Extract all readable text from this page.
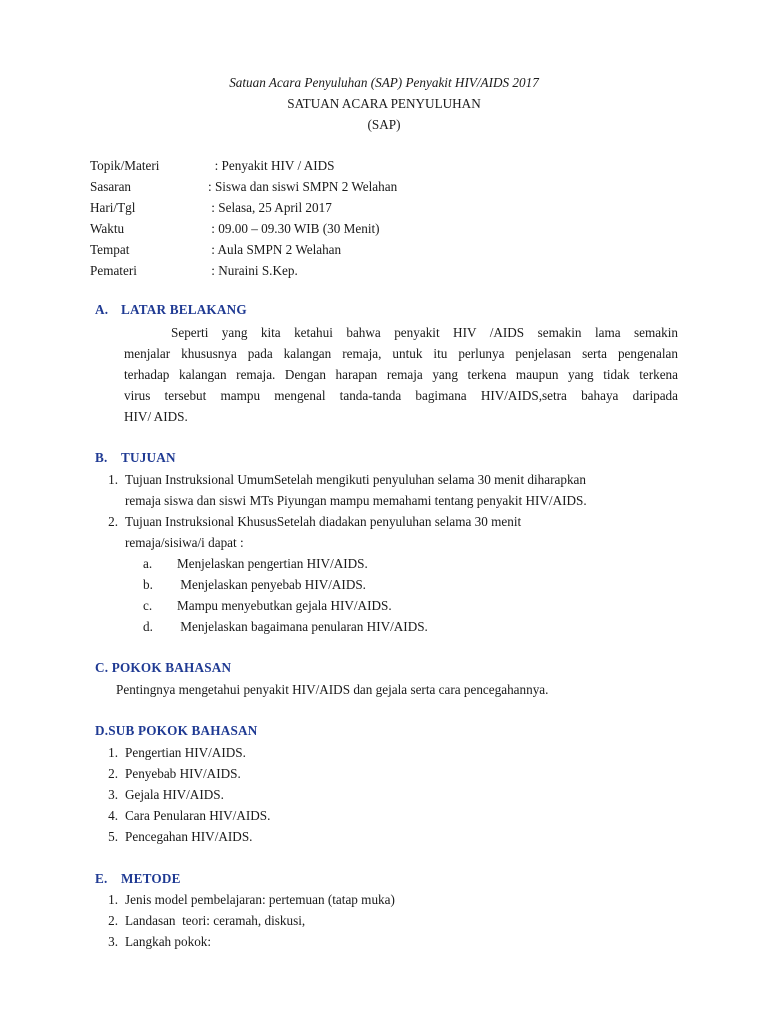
Satuan Acara Penyuluhan (SAP) Penyakit HIV/AIDS 2017
SATUAN ACARA PENYULUHAN
(SAP)
Topik/Materi	: Penyakit HIV / AIDS
Sasaran	: Siswa dan siswi SMPN 2 Welahan
Hari/Tgl	: Selasa, 25 April 2017
Waktu	: 09.00 – 09.30 WIB (30 Menit)
Tempat	: Aula SMPN 2 Welahan
Pemateri	: Nuraini S.Kep.
A. LATAR BELAKANG
Seperti yang kita ketahui bahwa penyakit HIV /AIDS semakin lama semakin
menjalar khususnya pada kalangan remaja, untuk itu perlunya penjelasan serta pengenalan
terhadap kalangan remaja. Dengan harapan remaja yang terkena maupun yang tidak terkena
virus tersebut mampu mengenal tanda-tanda bagimana HIV/AIDS,setra bahaya daripada
HIV/ AIDS.
B. TUJUAN
1. Tujuan Instruksional UmumSetelah mengikuti penyuluhan selama 30 menit diharapkan
remaja siswa dan siswi MTs Piyungan mampu memahami tentang penyakit HIV/AIDS.
2. Tujuan Instruksional KhususSetelah diadakan penyuluhan selama 30 menit
remaja/sisiwa/i dapat :
a. Menjelaskan pengertian HIV/AIDS.
b. Menjelaskan penyebab HIV/AIDS.
c. Mampu menyebutkan gejala HIV/AIDS.
d. Menjelaskan bagaimana penularan HIV/AIDS.
C. POKOK BAHASAN
Pentingnya mengetahui penyakit HIV/AIDS dan gejala serta cara pencegahannya.
D.SUB POKOK BAHASAN
1. Pengertian HIV/AIDS.
2. Penyebab HIV/AIDS.
3. Gejala HIV/AIDS.
4. Cara Penularan HIV/AIDS.
5. Pencegahan HIV/AIDS.
E. METODE
1. Jenis model pembelajaran: pertemuan (tatap muka)
2. Landasan  teori: ceramah, diskusi,
3. Langkah pokok:
